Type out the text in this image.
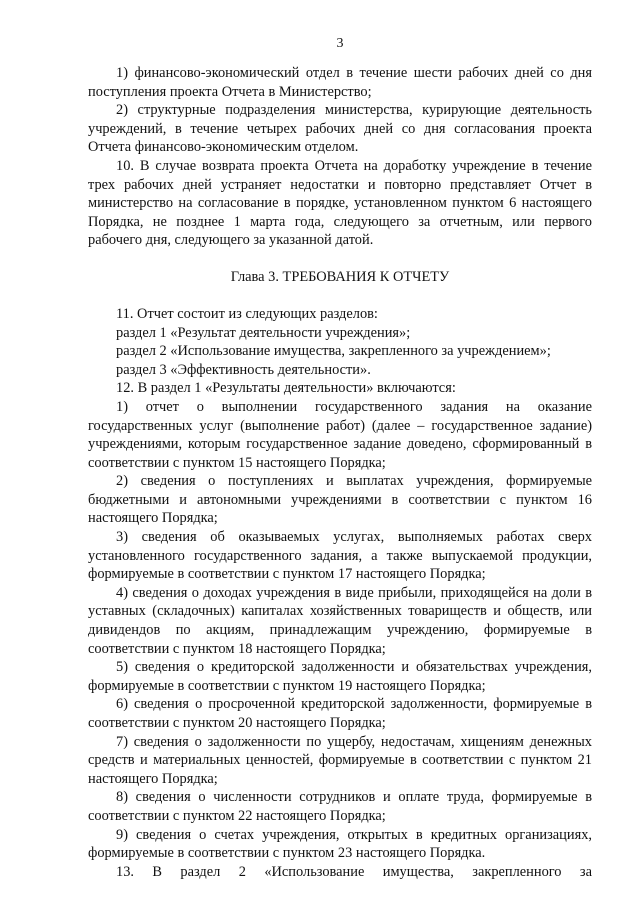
3

1) финансово-экономический отдел в течение шести рабочих дней со дня поступления проекта Отчета в Министерство;

2) структурные подразделения министерства, курирующие деятельность учреждений, в течение четырех рабочих дней со дня согласования проекта Отчета финансово-экономическим отделом.

10. В случае возврата проекта Отчета на доработку учреждение в течение трех рабочих дней устраняет недостатки и повторно представляет Отчет в министерство на согласование в порядке, установленном пунктом 6 настоящего Порядка, не позднее 1 марта года, следующего за отчетным, или первого рабочего дня, следующего за указанной датой.

Глава 3. ТРЕБОВАНИЯ К ОТЧЕТУ

11. Отчет состоит из следующих разделов:

раздел 1 «Результат деятельности учреждения»;

раздел 2 «Использование имущества, закрепленного за учреждением»;

раздел 3 «Эффективность деятельности».

12. В раздел 1 «Результаты деятельности» включаются:

1) отчет о выполнении государственного задания на оказание государственных услуг (выполнение работ) (далее – государственное задание) учреждениями, которым государственное задание доведено, сформированный в соответствии с пунктом 15 настоящего Порядка;

2) сведения о поступлениях и выплатах учреждения, формируемые бюджетными и автономными учреждениями в соответствии с пунктом 16 настоящего Порядка;

3) сведения об оказываемых услугах, выполняемых работах сверх установленного государственного задания, а также выпускаемой продукции, формируемые в соответствии с пунктом 17 настоящего Порядка;

4) сведения о доходах учреждения в виде прибыли, приходящейся на доли в уставных (складочных) капиталах хозяйственных товариществ и обществ, или дивидендов по акциям, принадлежащим учреждению, формируемые в соответствии с пунктом 18 настоящего Порядка;

5) сведения о кредиторской задолженности и обязательствах учреждения, формируемые в соответствии с пунктом 19 настоящего Порядка;

6) сведения о просроченной кредиторской задолженности, формируемые в соответствии с пунктом 20 настоящего Порядка;

7) сведения о задолженности по ущербу, недостачам, хищениям денежных средств и материальных ценностей, формируемые в соответствии с пунктом 21 настоящего Порядка;

8) сведения о численности сотрудников и оплате труда, формируемые в соответствии с пунктом 22 настоящего Порядка;

9) сведения о счетах учреждения, открытых в кредитных организациях, формируемые в соответствии с пунктом 23 настоящего Порядка.

13. В раздел 2 «Использование имущества, закрепленного за
